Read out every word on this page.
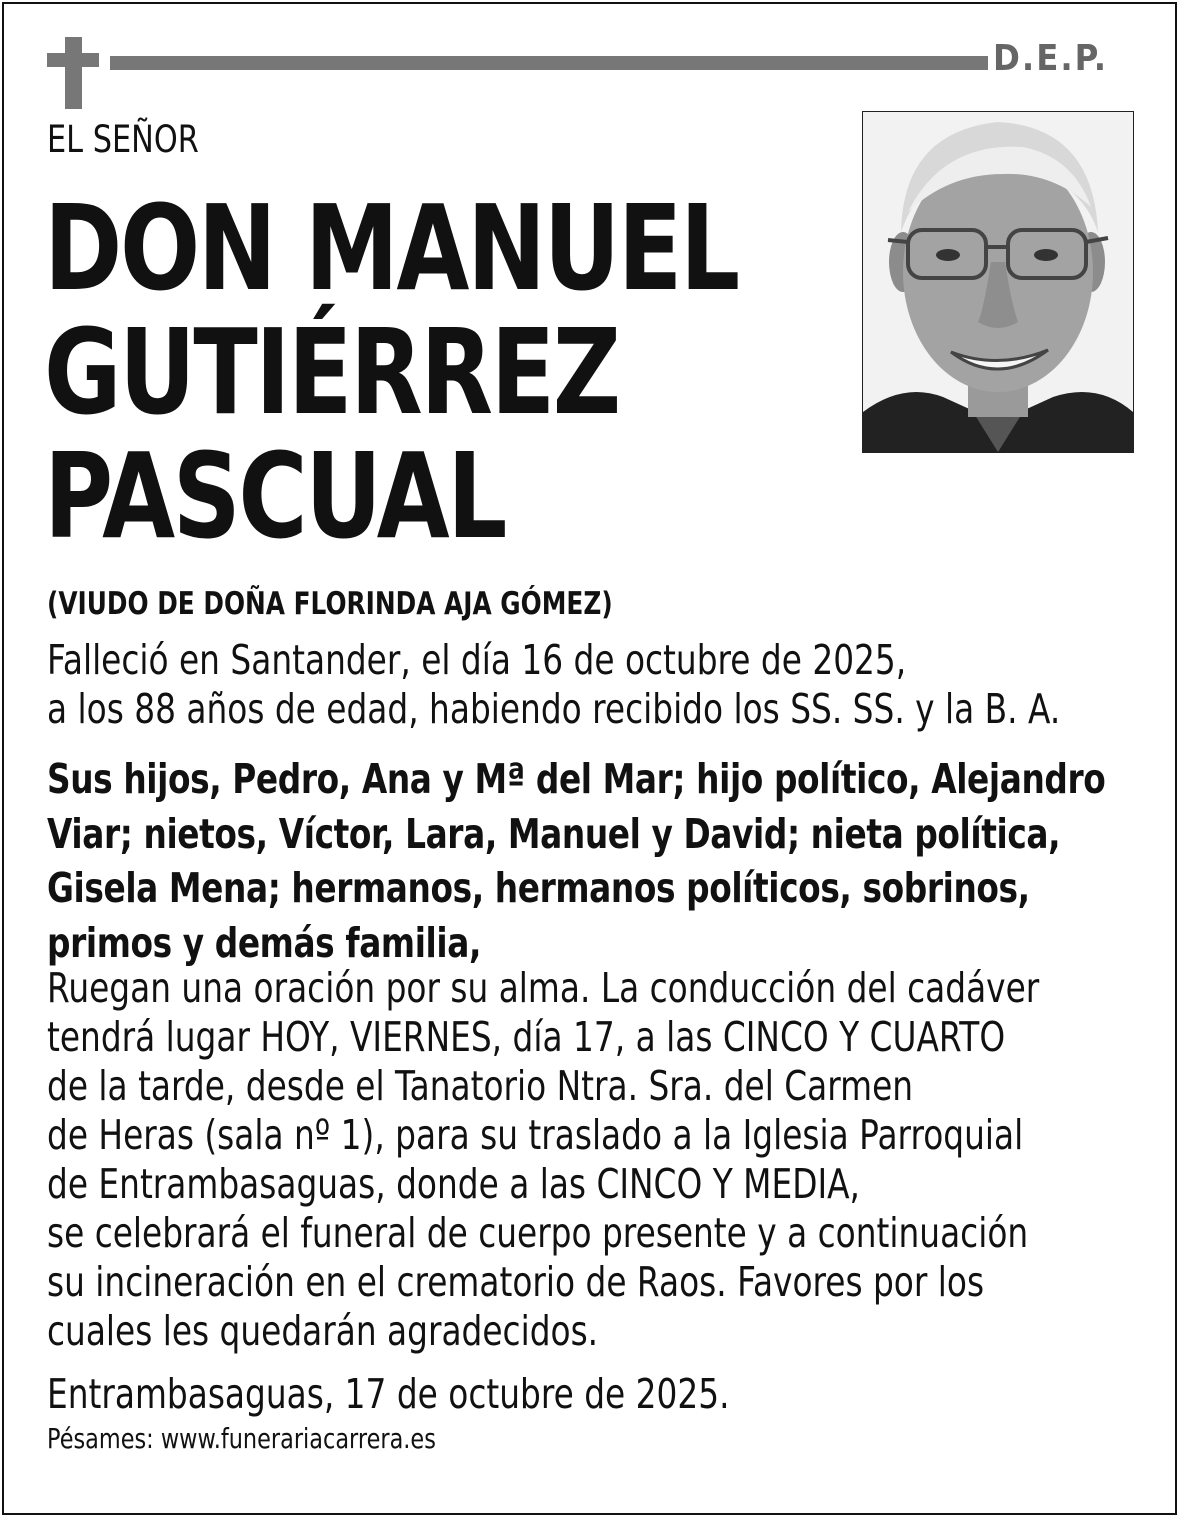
D.E.P.
EL SEÑOR
DON MANUEL
GUTIÉRREZ
PASCUAL
(VIUDO DE DOÑA FLORINDA AJA GÓMEZ)
Falleció en Santander, el día 16 de octubre de 2025,
a los 88 años de edad, habiendo recibido los SS. SS. y la B. A.
Sus hijos, Pedro, Ana y Mª del Mar; hijo político, Alejandro
Viar; nietos, Víctor, Lara, Manuel y David; nieta política,
Gisela Mena; hermanos, hermanos políticos, sobrinos,
primos y demás familia,
Ruegan una oración por su alma. La conducción del cadáver
tendrá lugar HOY, VIERNES, día 17, a las CINCO Y CUARTO
de la tarde, desde el Tanatorio Ntra. Sra. del Carmen
de Heras (sala nº 1), para su traslado a la Iglesia Parroquial
de Entrambasaguas, donde a las CINCO Y MEDIA,
se celebrará el funeral de cuerpo presente y a continuación
su incineración en el crematorio de Raos. Favores por los
cuales les quedarán agradecidos.
Entrambasaguas, 17 de octubre de 2025.
Pésames: www.funerariacarrera.es
